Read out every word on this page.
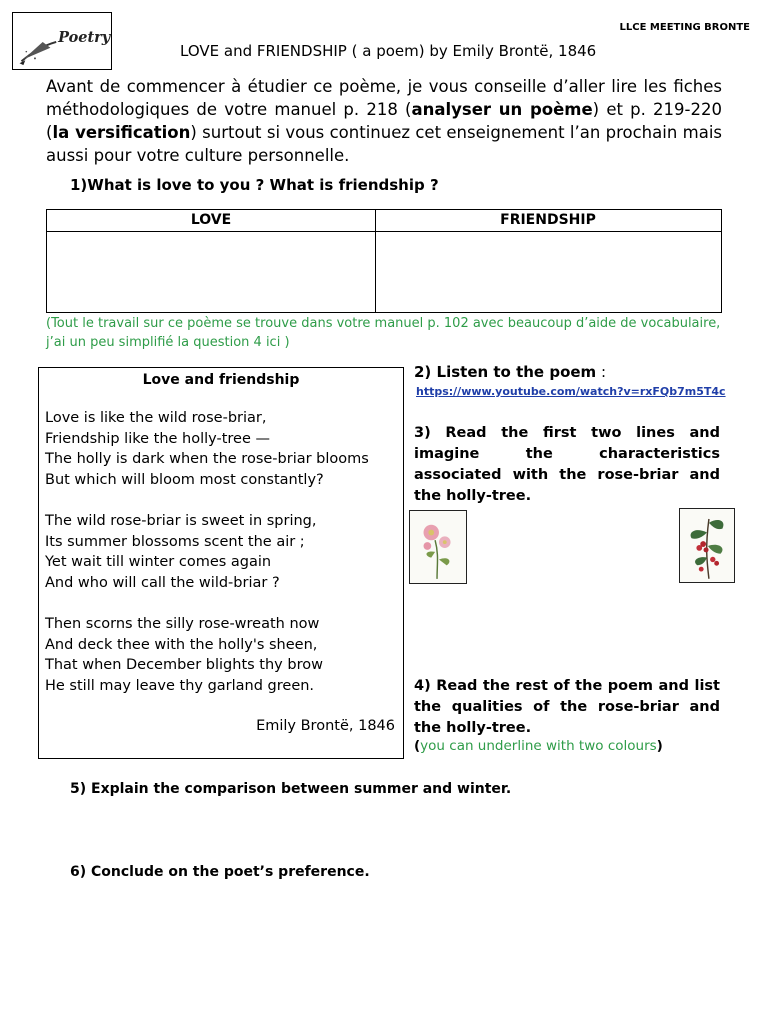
Poetry
LLCE MEETING BRONTE
LOVE and FRIENDSHIP ( a poem) by Emily Brontë, 1846
Avant de commencer à étudier ce poème, je vous conseille d’aller lire les fiches méthodologiques de votre manuel p. 218 (analyser un poème) et p. 219-220 (la versification) surtout si vous continuez cet enseignement l’an prochain mais aussi pour votre culture personnelle.
1)What is love to you ? What is friendship ?
LOVE	FRIENDSHIP
(Tout le travail sur ce poème se trouve dans votre manuel p. 102 avec beaucoup d’aide de vocabulaire, j’ai un peu simplifié la question 4 ici )
Love and friendship
Love is like the wild rose-briar,
Friendship like the holly-tree —
The holly is dark when the rose-briar blooms
But which will bloom most constantly?
The wild rose-briar is sweet in spring,
Its summer blossoms scent the air ;
Yet wait till winter comes again
And who will call the wild-briar ?
Then scorns the silly rose-wreath now
And deck thee with the holly's sheen,
That when December blights thy brow
He still may leave thy garland green.
Emily Brontë, 1846
2) Listen to the poem :
https://www.youtube.com/watch?v=rxFQb7m5T4c
3) Read the first two lines and imagine the characteristics associated with the rose-briar and the holly-tree.
4) Read the rest of the poem and list the qualities of the rose-briar and the holly-tree.
(you can underline with two colours)
5) Explain the comparison between summer and winter.
6) Conclude on the poet’s preference.
